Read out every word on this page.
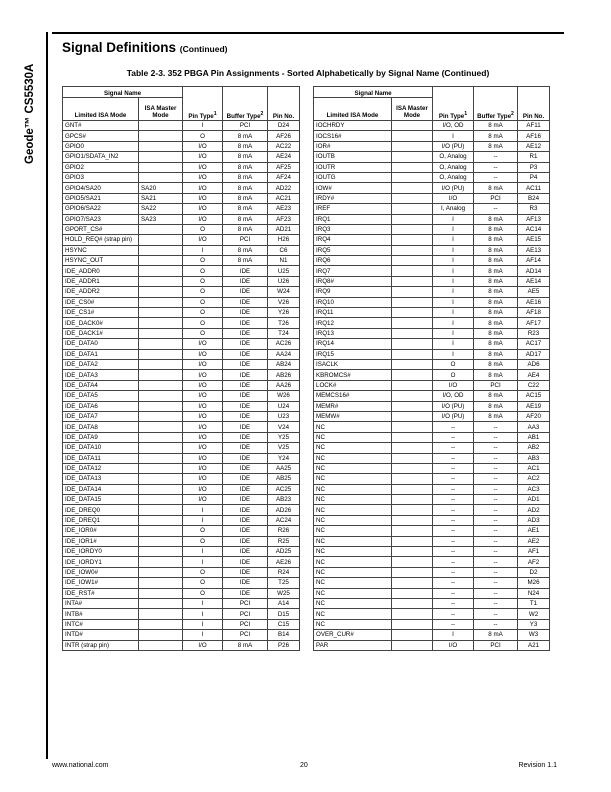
Geode™ CS5530A
Signal Definitions (Continued)
Table 2-3. 352 PBGA Pin Assignments - Sorted Alphabetically by Signal Name (Continued)
Signal Name		Pin Type$^1$	Buffer Type$^2$	Pin No.
Limited ISA Mode	ISA Master Mode			
GNT#		I	PCI	D24
GPCS#		O	8 mA	AF26
GPIO0		I/O	8 mA	AC22
GPIO1/SDATA_IN2		I/O	8 mA	AE24
GPIO2		I/O	8 mA	AF25
GPIO3		I/O	8 mA	AF24
GPIO4/SA20	SA20	I/O	8 mA	AD22
GPIO5/SA21	SA21	I/O	8 mA	AC21
GPIO6/SA22	SA22	I/O	8 mA	AE23
GPIO7/SA23	SA23	I/O	8 mA	AF23
GPORT_CS#		O	8 mA	AD21
HOLD_REQ# (strap pin)		I/O	PCI	H26
HSYNC		I	8 mA	C6
HSYNC_OUT		O	8 mA	N1
IDE_ADDR0		O	IDE	U25
IDE_ADDR1		O	IDE	U26
IDE_ADDR2		O	IDE	W24
IDE_CS0#		O	IDE	V26
IDE_CS1#		O	IDE	Y26
IDE_DACK0#		O	IDE	T26
IDE_DACK1#		O	IDE	T24
IDE_DATA0		I/O	IDE	AC26
IDE_DATA1		I/O	IDE	AA24
IDE_DATA2		I/O	IDE	AB24
IDE_DATA3		I/O	IDE	AB26
IDE_DATA4		I/O	IDE	AA26
IDE_DATA5		I/O	IDE	W26
IDE_DATA6		I/O	IDE	U24
IDE_DATA7		I/O	IDE	U23
IDE_DATA8		I/O	IDE	V24
IDE_DATA9		I/O	IDE	Y25
IDE_DATA10		I/O	IDE	V25
IDE_DATA11		I/O	IDE	Y24
IDE_DATA12		I/O	IDE	AA25
IDE_DATA13		I/O	IDE	AB25
IDE_DATA14		I/O	IDE	AC25
IDE_DATA15		I/O	IDE	AB23
IDE_DREQ0		I	IDE	AD26
IDE_DREQ1		I	IDE	AC24
IDE_IOR0#		O	IDE	R26
IDE_IOR1#		O	IDE	R25
IDE_IORDY0		I	IDE	AD25
IDE_IORDY1		I	IDE	AE26
IDE_IOW0#		O	IDE	R24
IDE_IOW1#		O	IDE	T25
IDE_RST#		O	IDE	W25
INTA#		I	PCI	A14
INTB#		I	PCI	D15
INTC#		I	PCI	C15
INTD#		I	PCI	B14
INTR (strap pin)		I/O	8 mA	P26
Signal Name		Pin Type$^1$	Buffer Type$^2$	Pin No.
Limited ISA Mode	ISA Master Mode			
IOCHRDY		I/O, OD	8 mA	AF11
IOCS16#		I	8 mA	AF16
IOR#		I/O (PU)	8 mA	AE12
IOUTB		O, Analog	--	R1
IOUTR		O, Analog	--	P3
IOUTG		O, Analog	--	P4
IOW#		I/O (PU)	8 mA	AC11
IRDY#		I/O	PCI	B24
IREF		I, Analog	--	R3
IRQ1		I	8 mA	AF13
IRQ3		I	8 mA	AC14
IRQ4		I	8 mA	AE15
IRQ5		I	8 mA	AE13
IRQ6		I	8 mA	AF14
IRQ7		I	8 mA	AD14
IRQ8#		I	8 mA	AE14
IRQ9		I	8 mA	AE5
IRQ10		I	8 mA	AE16
IRQ11		I	8 mA	AF18
IRQ12		I	8 mA	AF17
IRQ13		I	8 mA	R23
IRQ14		I	8 mA	AC17
IRQ15		I	8 mA	AD17
ISACLK		O	8 mA	AD6
KBROMCS#		O	8 mA	AE4
LOCK#		I/O	PCI	C22
MEMCS16#		I/O, OD	8 mA	AC15
MEMR#		I/O (PU)	8 mA	AE19
MEMW#		I/O (PU)	8 mA	AF20
NC		--	--	AA3
NC		--	--	AB1
NC		--	--	AB2
NC		--	--	AB3
NC		--	--	AC1
NC		--	--	AC2
NC		--	--	AC3
NC		--	--	AD1
NC		--	--	AD2
NC		--	--	AD3
NC		--	--	AE1
NC		--	--	AE2
NC		--	--	AF1
NC		--	--	AF2
NC		--	--	D2
NC		--	--	M26
NC		--	--	N24
NC		--	--	T1
NC		--	--	W2
NC		--	--	Y3
OVER_CUR#		I	8 mA	W3
PAR		I/O	PCI	A21
www.national.com	20	Revision 1.1
